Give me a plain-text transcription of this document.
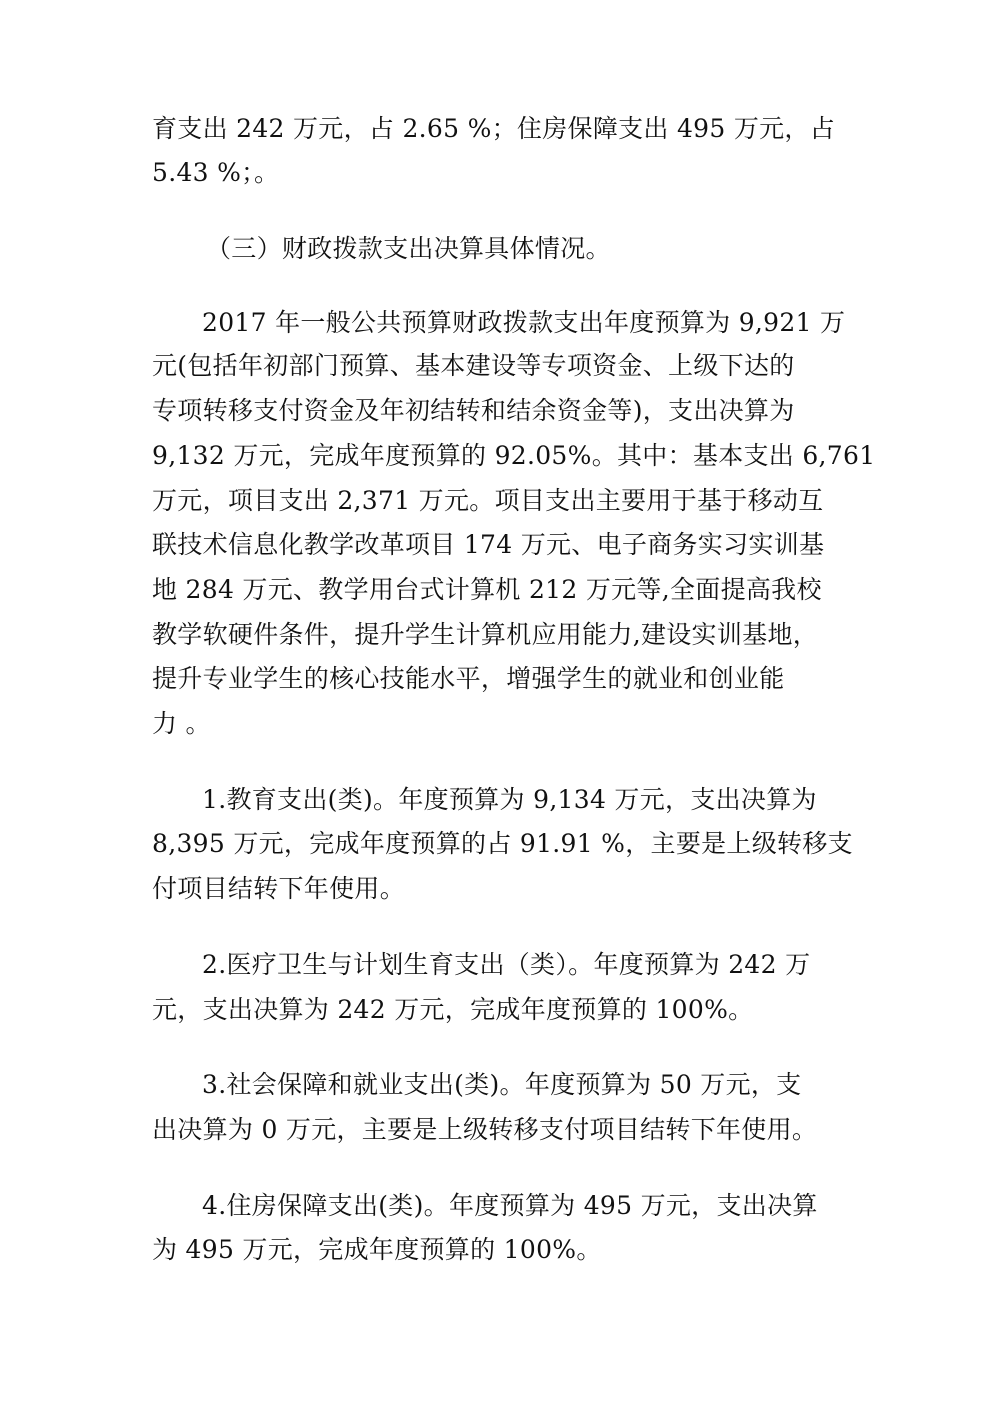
育支出 242 万元，占 2.65 %；住房保障支出 495 万元，占
5.43 %；。
（三）财政拨款支出决算具体情况。
2017 年一般公共预算财政拨款支出年度预算为 9,921 万
元(包括年初部门预算、基本建设等专项资金、上级下达的
专项转移支付资金及年初结转和结余资金等)，支出决算为
9,132 万元，完成年度预算的 92.05%。其中：基本支出 6,761
万元，项目支出 2,371 万元。项目支出主要用于基于移动互
联技术信息化教学改革项目 174 万元、电子商务实习实训基
地 284 万元、教学用台式计算机 212 万元等,全面提高我校
教学软硬件条件，提升学生计算机应用能力,建设实训基地，
提升专业学生的核心技能水平，增强学生的就业和创业能
力 。
1.教育支出(类)。年度预算为 9,134 万元，支出决算为
8,395 万元，完成年度预算的占 91.91 %，主要是上级转移支
付项目结转下年使用。
2.医疗卫生与计划生育支出（类）。年度预算为 242 万
元，支出决算为 242 万元，完成年度预算的 100%。
3.社会保障和就业支出(类)。年度预算为 50 万元，支
出决算为 0 万元，主要是上级转移支付项目结转下年使用。
4.住房保障支出(类)。年度预算为 495 万元，支出决算
为 495 万元，完成年度预算的 100%。
